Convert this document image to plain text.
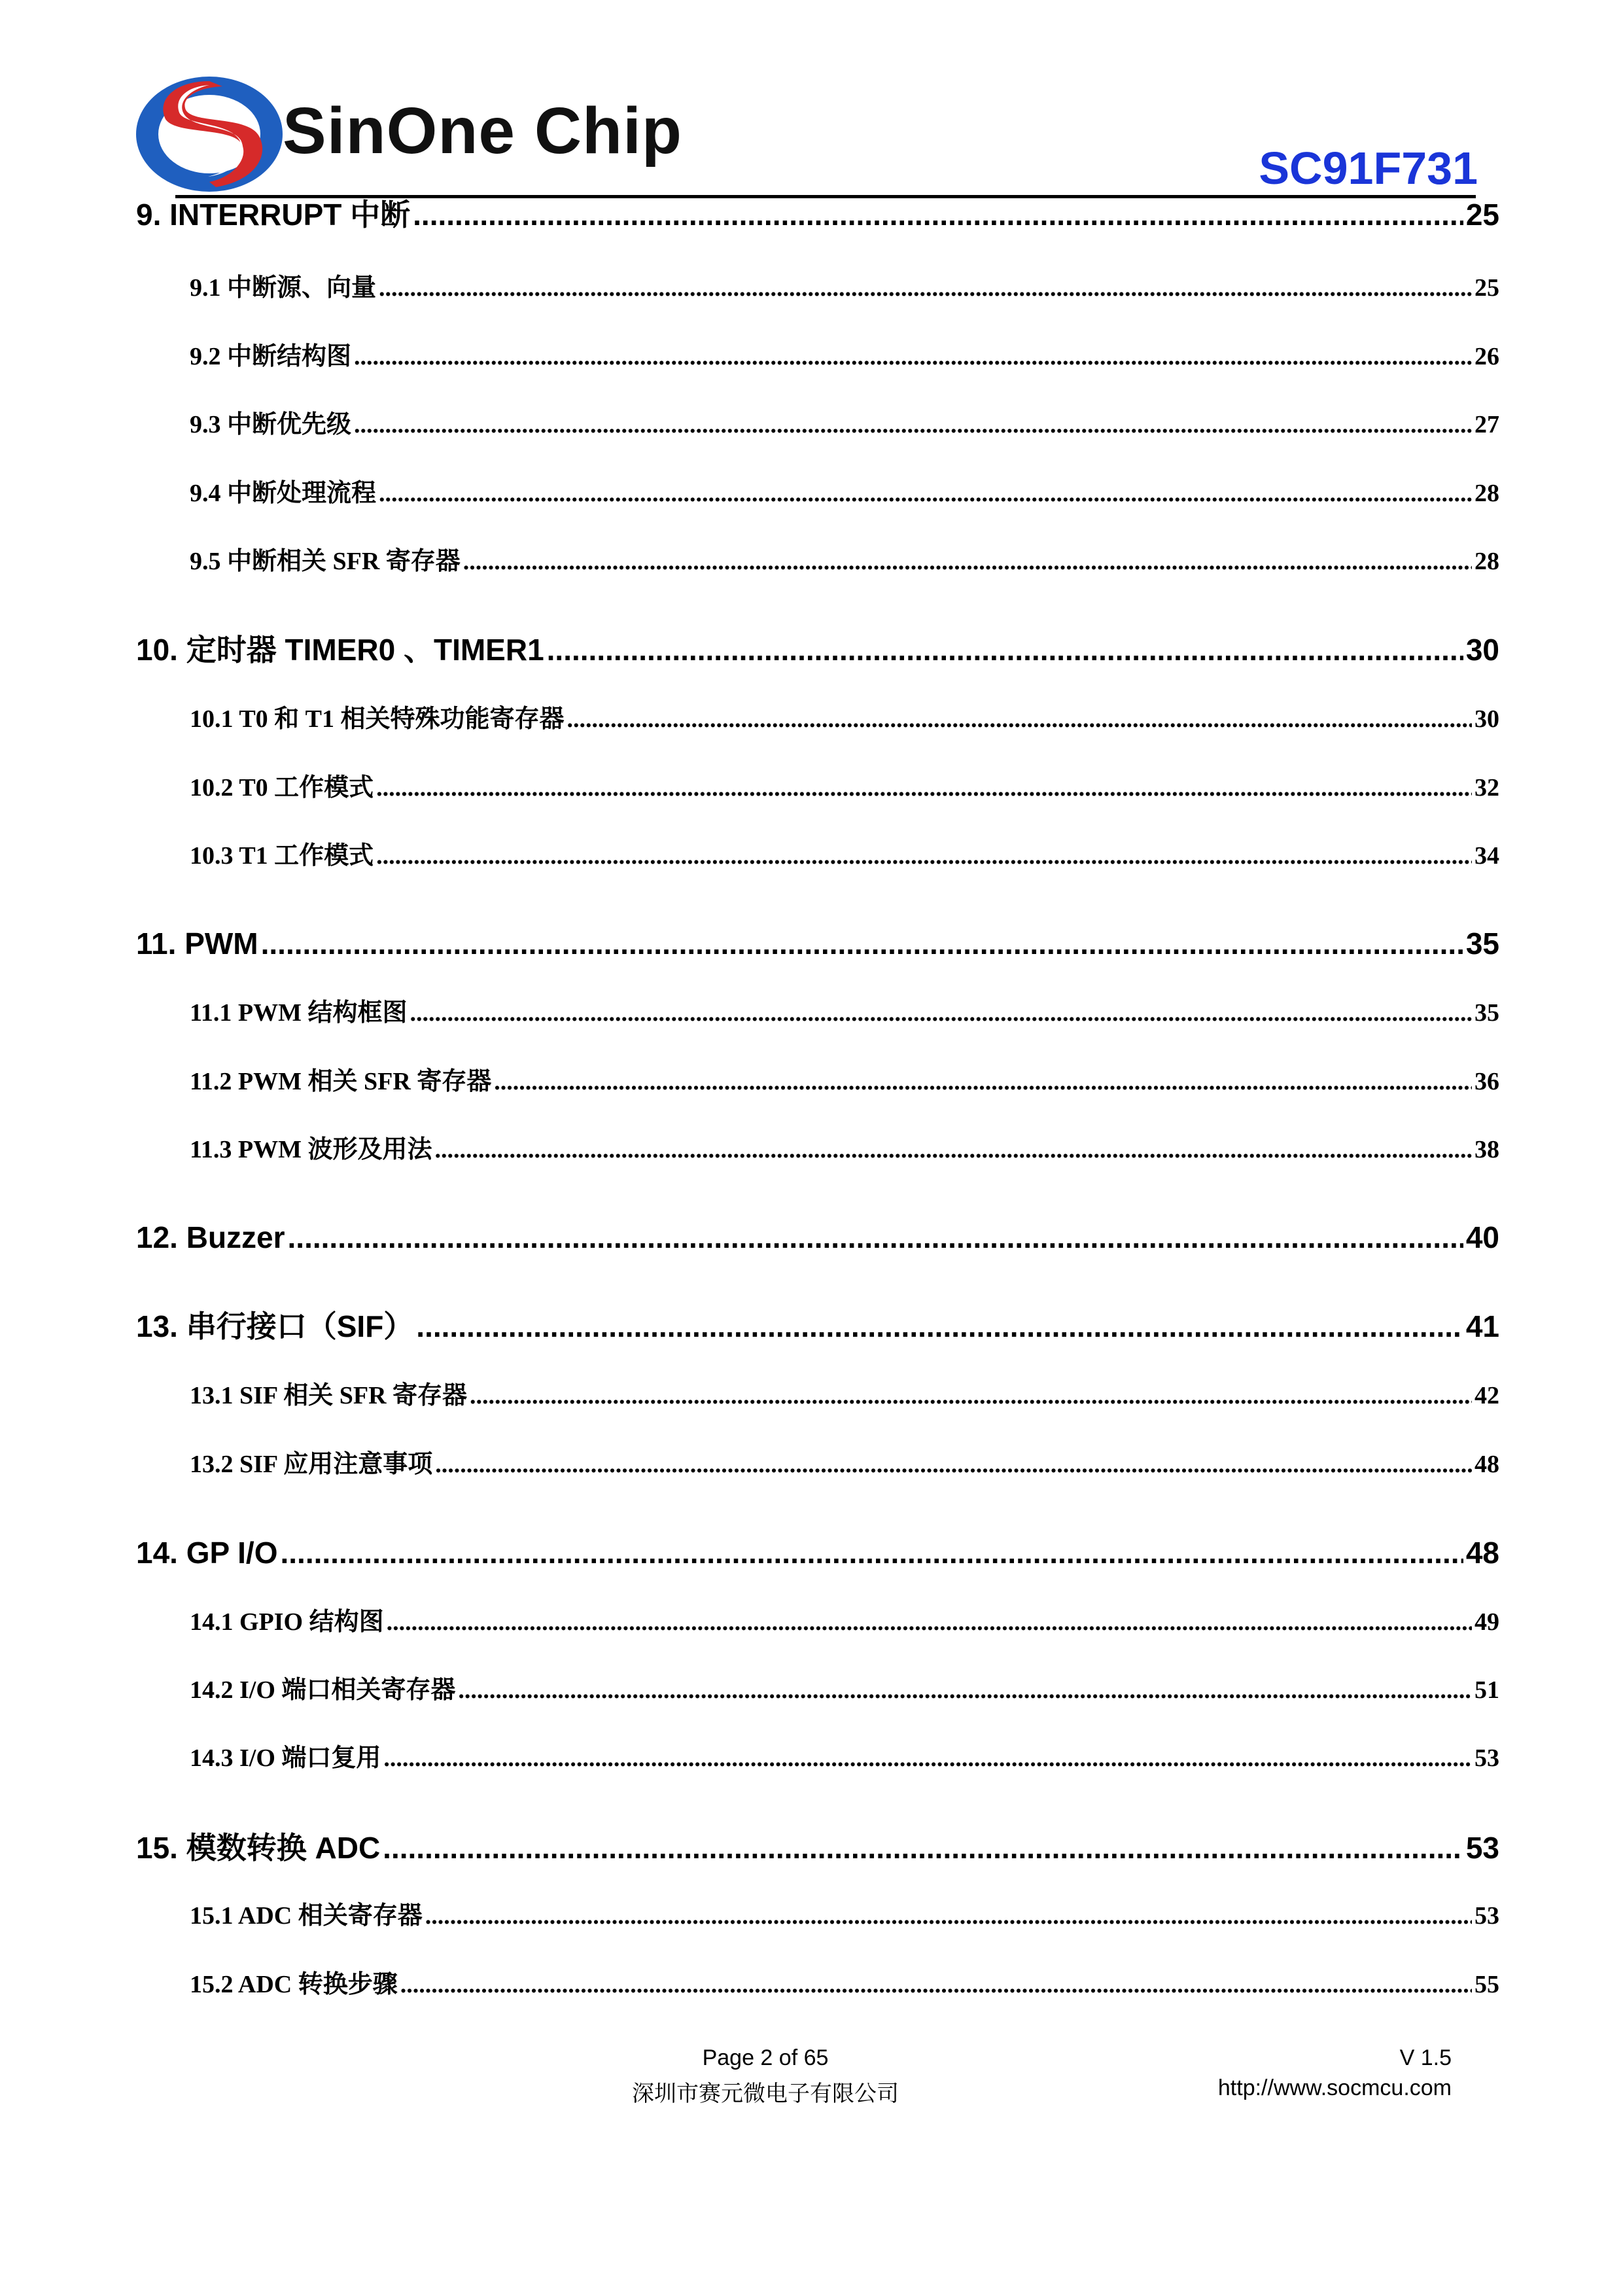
SinOne Chip
SC91F731
9. INTERRUPT 中断 .....	25
9.1 中断源、向量 .....	25
9.2 中断结构图 .....	26
9.3 中断优先级 .....	27
9.4 中断处理流程 .....	28
9.5 中断相关 SFR 寄存器 .....	28
10. 定时器 TIMER0 、TIMER1 .....	30
10.1 T0 和 T1 相关特殊功能寄存器 .....	30
10.2 T0 工作模式 .....	32
10.3 T1 工作模式 .....	34
11. PWM .....	35
11.1 PWM 结构框图 .....	35
11.2 PWM 相关 SFR 寄存器 .....	36
11.3 PWM 波形及用法 .....	38
12. Buzzer .....	40
13. 串行接口（SIF） .....	41
13.1 SIF 相关 SFR 寄存器 .....	42
13.2 SIF 应用注意事项 .....	48
14. GP I/O .....	48
14.1 GPIO 结构图 .....	49
14.2 I/O 端口相关寄存器 .....	51
14.3 I/O 端口复用 .....	53
15. 模数转换 ADC .....	53
15.1 ADC 相关寄存器 .....	53
15.2 ADC 转换步骤 .....	55
Page 2 of 65	V 1.5
深圳市赛元微电子有限公司	http://www.socmcu.com
